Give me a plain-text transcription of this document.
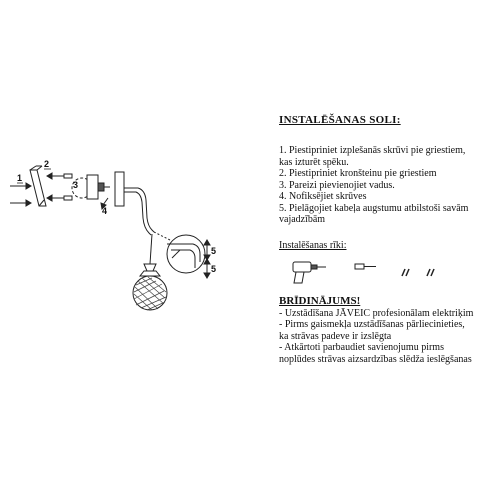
1
2
3
4
5
5
INSTALĒŠANAS SOLI:
1. Piestipriniet izplešanās skrūvi pie griestiem,
kas izturēt spēku.
2. Piestipriniet kronšteinu pie griestiem
3. Pareizi pievienojiet vadus.
4. Nofiksējiet skrūves
5. Pielāgojiet kabeļa augstumu atbilstoši savām
vajadzībām
Instalēšanas rīki:
BRĪDINĀJUMS!
- Uzstādīšana JĀVEIC profesionālam elektriķim
- Pirms gaismekļa uzstādīšanas pārliecinieties,
ka strāvas padeve ir izslēgta
- Atkārtoti parbaudiet savienojumu pirms
noplūdes strāvas aizsardzības slēdža ieslēgšanas
